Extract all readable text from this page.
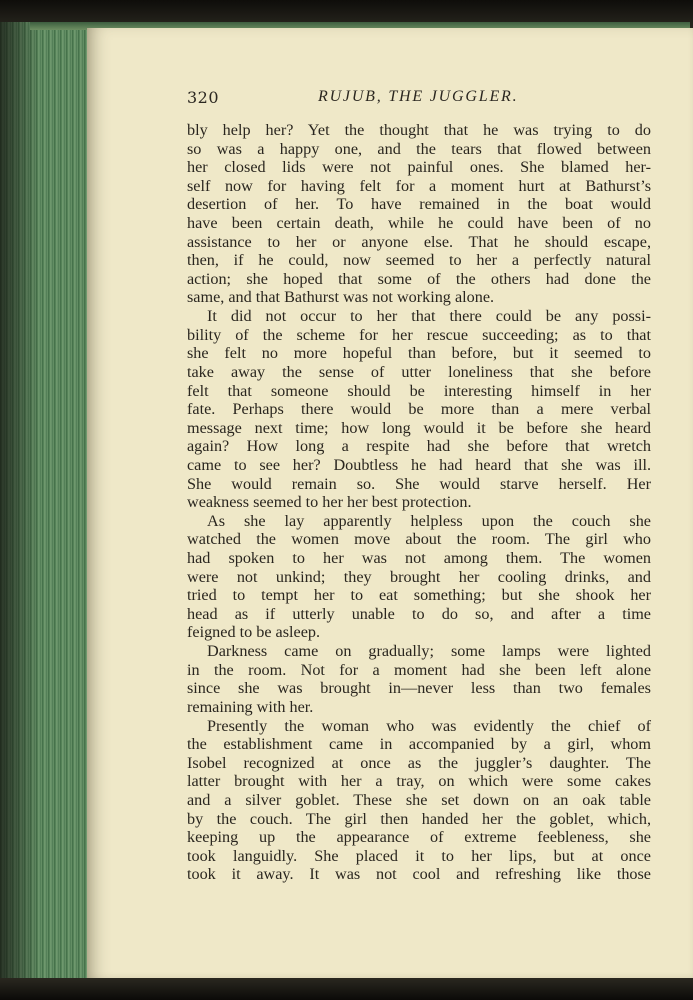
320	RUJUB, THE JUGGLER.
bly help her? Yet the thought that he was trying to do
so was a happy one, and the tears that flowed between
her closed lids were not painful ones. She blamed her-
self now for having felt for a moment hurt at Bathurst’s
desertion of her. To have remained in the boat would
have been certain death, while he could have been of no
assistance to her or anyone else. That he should escape,
then, if he could, now seemed to her a perfectly natural
action; she hoped that some of the others had done the
same, and that Bathurst was not working alone.
It did not occur to her that there could be any possi-
bility of the scheme for her rescue succeeding; as to that
she felt no more hopeful than before, but it seemed to
take away the sense of utter loneliness that she before
felt that someone should be interesting himself in her
fate. Perhaps there would be more than a mere verbal
message next time; how long would it be before she heard
again? How long a respite had she before that wretch
came to see her? Doubtless he had heard that she was ill.
She would remain so. She would starve herself. Her
weakness seemed to her her best protection.
As she lay apparently helpless upon the couch she
watched the women move about the room. The girl who
had spoken to her was not among them. The women
were not unkind; they brought her cooling drinks, and
tried to tempt her to eat something; but she shook her
head as if utterly unable to do so, and after a time
feigned to be asleep.
Darkness came on gradually; some lamps were lighted
in the room. Not for a moment had she been left alone
since she was brought in—never less than two females
remaining with her.
Presently the woman who was evidently the chief of
the establishment came in accompanied by a girl, whom
Isobel recognized at once as the juggler’s daughter. The
latter brought with her a tray, on which were some cakes
and a silver goblet. These she set down on an oak table
by the couch. The girl then handed her the goblet, which,
keeping up the appearance of extreme feebleness, she
took languidly. She placed it to her lips, but at once
took it away. It was not cool and refreshing like those
